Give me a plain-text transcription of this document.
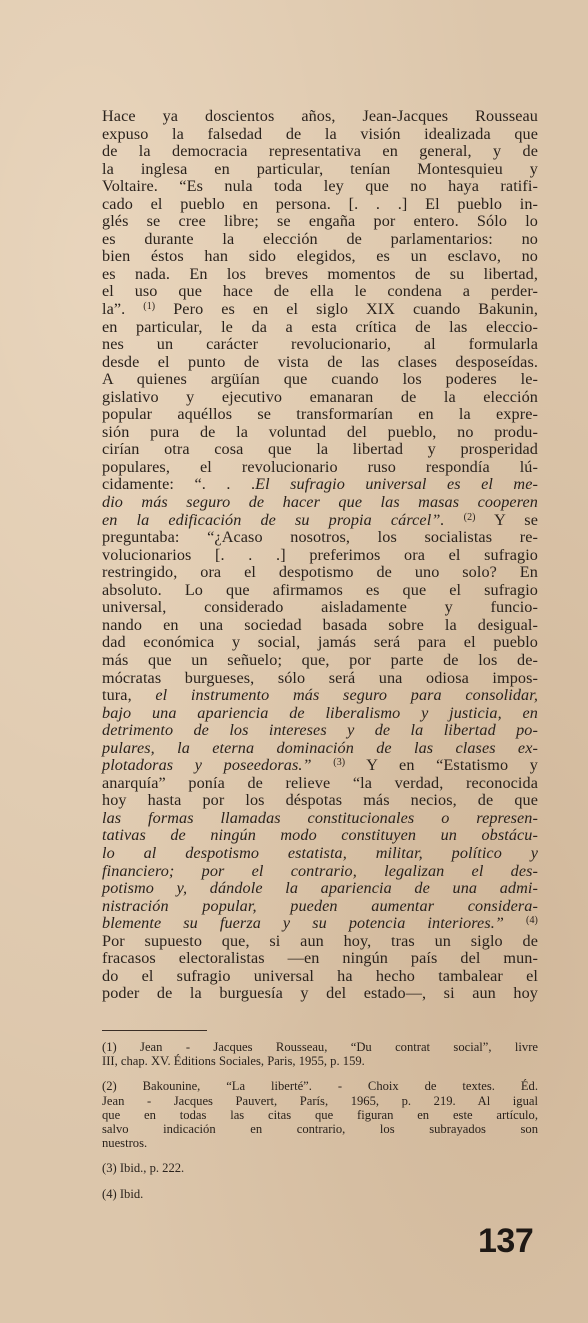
Hace ya doscientos años, Jean-Jacques Rousseau
expuso la falsedad de la visión idealizada que
de la democracia representativa en general, y de
la inglesa en particular, tenían Montesquieu y
Voltaire. “Es nula toda ley que no haya ratifi-
cado el pueblo en persona. [. . .] El pueblo in-
glés se cree libre; se engaña por entero. Sólo lo
es durante la elección de parlamentarios: no
bien éstos han sido elegidos, es un esclavo, no
es nada. En los breves momentos de su libertad,
el uso que hace de ella le condena a perder-
la”. $^{(1)}$ Pero es en el siglo XIX cuando Bakunin,
en particular, le da a esta crítica de las eleccio-
nes un carácter revolucionario, al formularla
desde el punto de vista de las clases desposeídas.
A quienes argüían que cuando los poderes le-
gislativo y ejecutivo emanaran de la elección
popular aquéllos se transformarían en la expre-
sión pura de la voluntad del pueblo, no produ-
cirían otra cosa que la libertad y prosperidad
populares, el revolucionario ruso respondía lú-
cidamente: “. . .El sufragio universal es el me-
dio más seguro de hacer que las masas cooperen
en la edificación de su propia cárcel”. $^{(2)}$ Y se
preguntaba: “¿Acaso nosotros, los socialistas re-
volucionarios [. . .] preferimos ora el sufragio
restringido, ora el despotismo de uno solo? En
absoluto. Lo que afirmamos es que el sufragio
universal, considerado aisladamente y funcio-
nando en una sociedad basada sobre la desigual-
dad económica y social, jamás será para el pueblo
más que un señuelo; que, por parte de los de-
mócratas burgueses, sólo será una odiosa impos-
tura, el instrumento más seguro para consolidar,
bajo una apariencia de liberalismo y justicia, en
detrimento de los intereses y de la libertad po-
pulares, la eterna dominación de las clases ex-
plotadoras y poseedoras.” $^{(3)}$ Y en “Estatismo y
anarquía” ponía de relieve “la verdad, reconocida
hoy hasta por los déspotas más necios, de que
las formas llamadas constitucionales o represen-
tativas de ningún modo constituyen un obstácu-
lo al despotismo estatista, militar, político y
financiero; por el contrario, legalizan el des-
potismo y, dándole la apariencia de una admi-
nistración popular, pueden aumentar considera-
blemente su fuerza y su potencia interiores.” $^{(4)}$
Por supuesto que, si aun hoy, tras un siglo de
fracasos electoralistas —en ningún país del mun-
do el sufragio universal ha hecho tambalear el
poder de la burguesía y del estado—, si aun hoy
(1) Jean - Jacques Rousseau, “Du contrat social”, livre
III, chap. XV. Éditions Sociales, Paris, 1955, p. 159.
(2) Bakounine, “La liberté”. - Choix de textes. Éd.
Jean - Jacques Pauvert, París, 1965, p. 219. Al igual
que en todas las citas que figuran en este artículo,
salvo indicación en contrario, los subrayados son
nuestros.
(3) Ibid., p. 222.
(4) Ibid.
137
